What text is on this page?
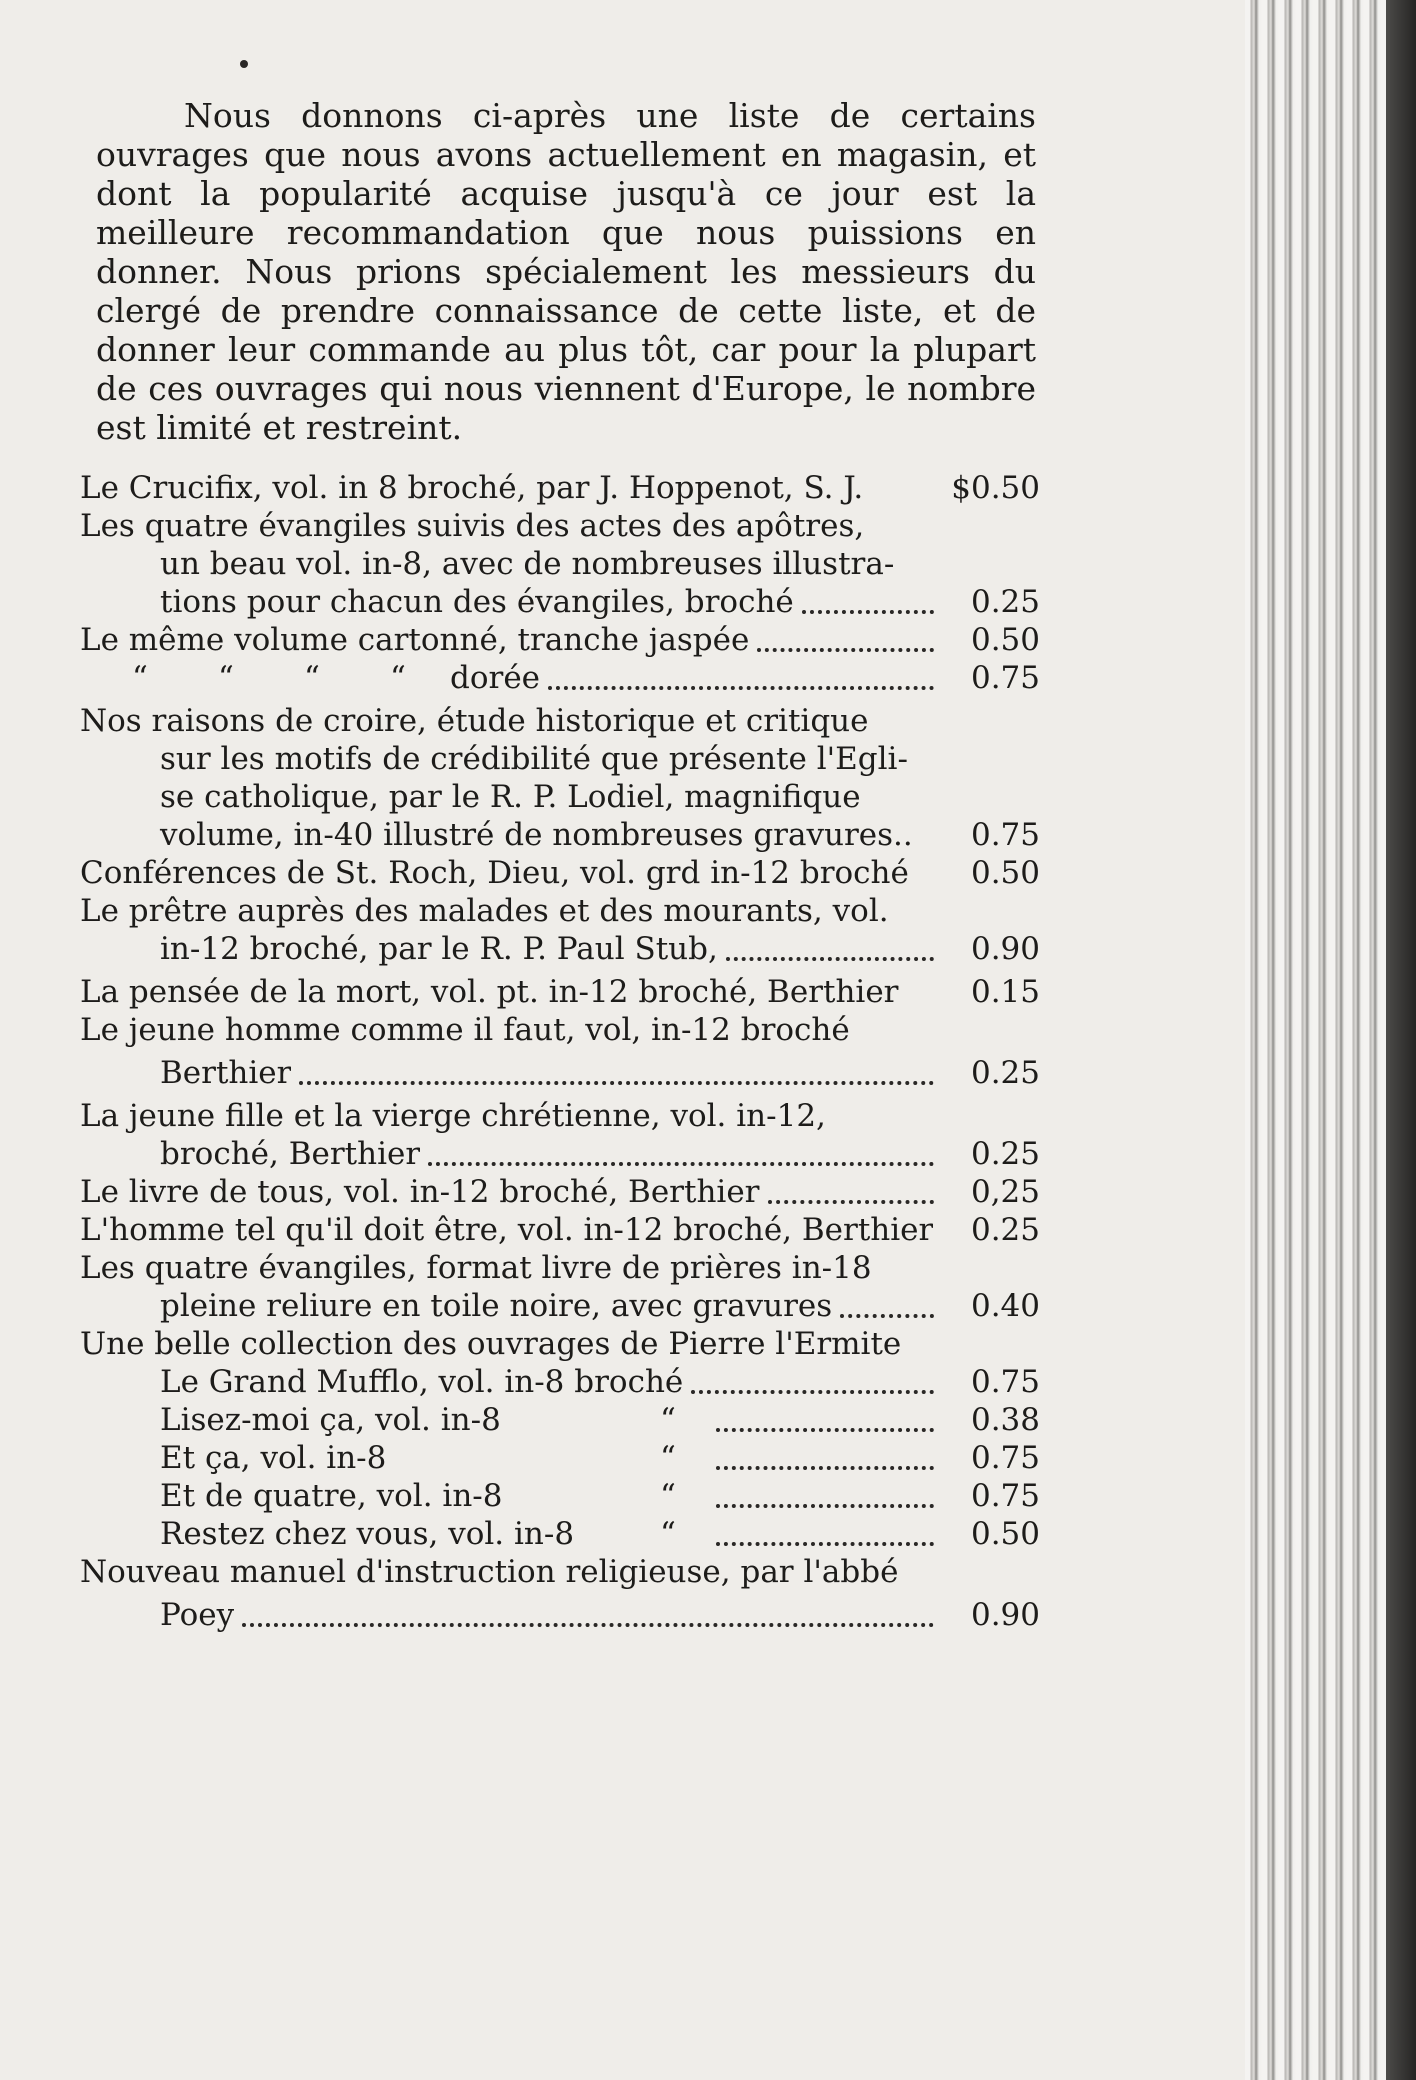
Nous donnons ci-après une liste de certains ouvrages que nous avons actuellement en magasin, et dont la popularité acquise jusqu'à ce jour est la meilleure recommandation que nous puissions en donner. Nous prions spécialement les messieurs du clergé de prendre connaissance de cette liste, et de donner leur commande au plus tôt, car pour la plupart de ces ouvrages qui nous viennent d'Europe, le nombre est limité et restreint.

Le Crucifix, vol. in 8 broché, par J. Hoppenot, S. J.	$0.50
Les quatre évangiles suivis des actes des apôtres,
un beau vol. in-8, avec de nombreuses illustra-
tions pour chacun des évangiles, broché	0.25
Le même volume cartonné, tranche jaspée	0.50
“ “ “ “ dorée	0.75
Nos raisons de croire, étude historique et critique
sur les motifs de crédibilité que présente l'Egli-
se catholique, par le R. P. Lodiel, magnifique
volume, in-40 illustré de nombreuses gravures..	0.75
Conférences de St. Roch, Dieu, vol. grd in-12 broché	0.50
Le prêtre auprès des malades et des mourants, vol.
in-12 broché, par le R. P. Paul Stub,	0.90
La pensée de la mort, vol. pt. in-12 broché, Berthier	0.15
Le jeune homme comme il faut, vol, in-12 broché
Berthier	0.25
La jeune fille et la vierge chrétienne, vol. in-12,
broché, Berthier	0.25
Le livre de tous, vol. in-12 broché, Berthier	0,25
L'homme tel qu'il doit être, vol. in-12 broché, Berthier	0.25
Les quatre évangiles, format livre de prières in-18
pleine reliure en toile noire, avec gravures	0.40
Une belle collection des ouvrages de Pierre l'Ermite
Le Grand Mufflo, vol. in-8 broché	0.75
Lisez-moi ça, vol. in-8	“	0.38
Et ça, vol. in-8	“	0.75
Et de quatre, vol. in-8	“	0.75
Restez chez vous, vol. in-8	“	0.50
Nouveau manuel d'instruction religieuse, par l'abbé
Poey	0.90
